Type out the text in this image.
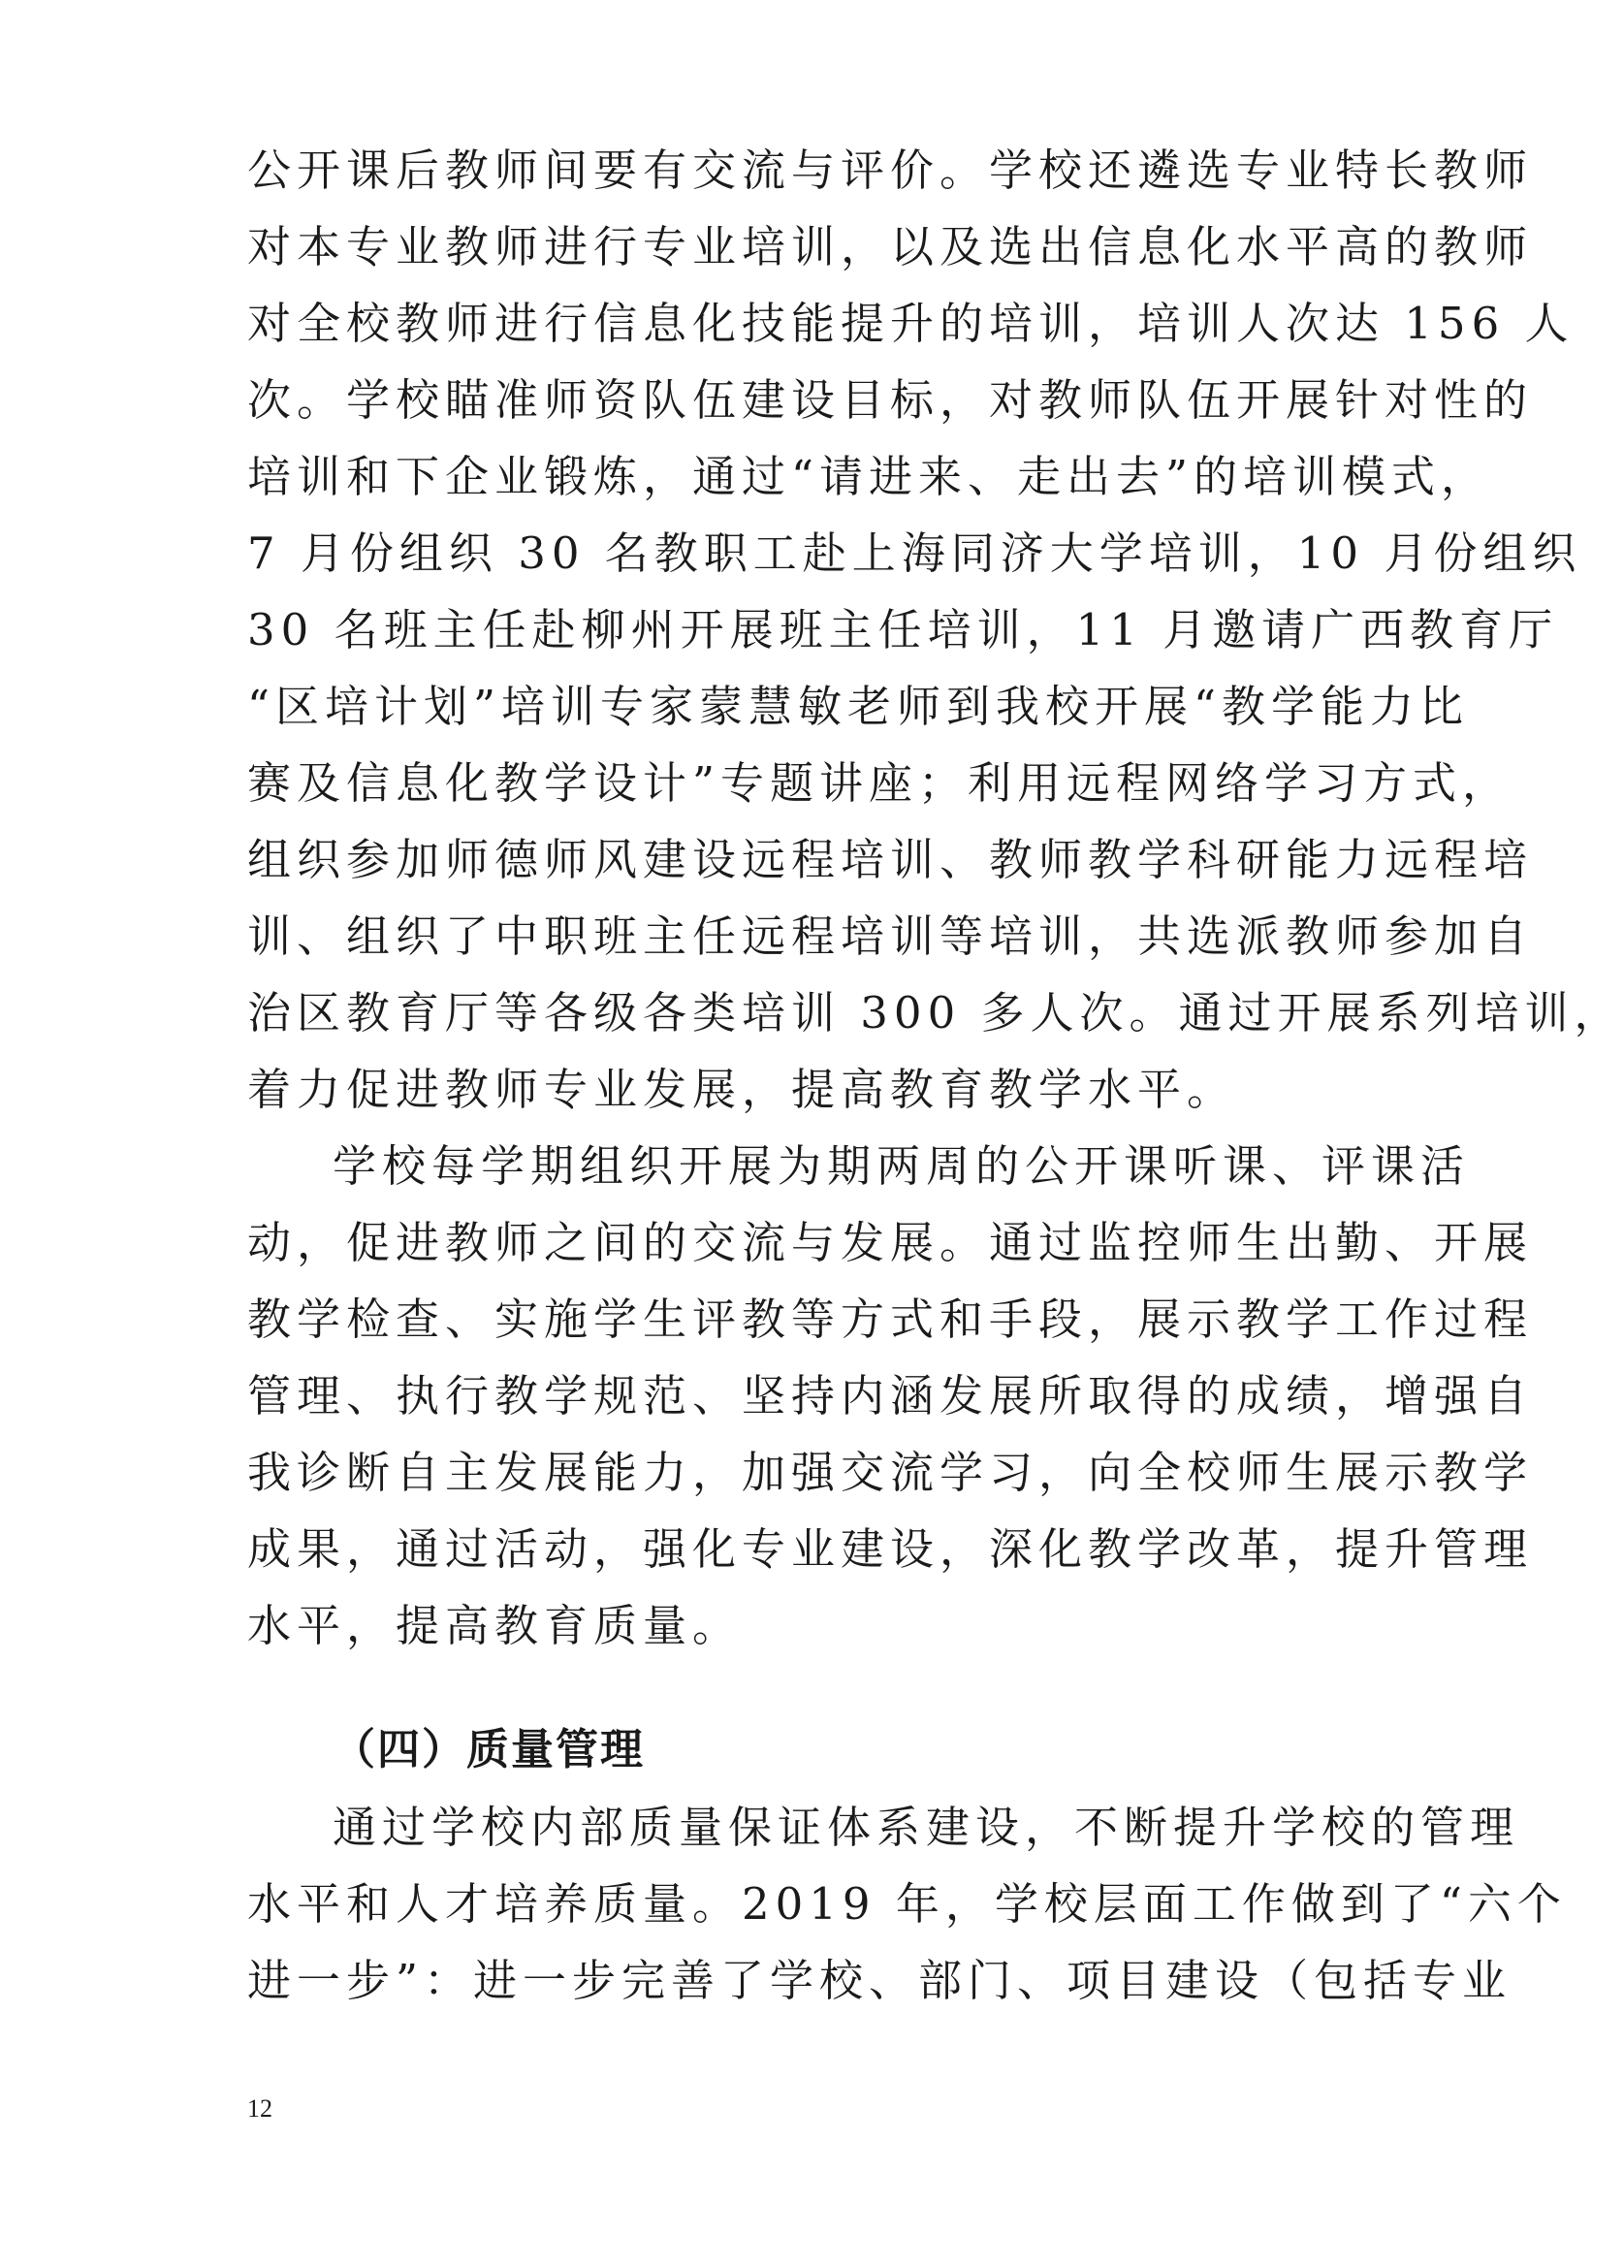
公开课后教师间要有交流与评价。学校还遴选专业特长教师
对本专业教师进行专业培训，以及选出信息化水平高的教师
对全校教师进行信息化技能提升的培训，培训人次达 156 人
次。学校瞄准师资队伍建设目标，对教师队伍开展针对性的
培训和下企业锻炼，通过“请进来、走出去”的培训模式，
7 月份组织 30 名教职工赴上海同济大学培训，10 月份组织
30 名班主任赴柳州开展班主任培训，11 月邀请广西教育厅
“区培计划”培训专家蒙慧敏老师到我校开展“教学能力比
赛及信息化教学设计”专题讲座；利用远程网络学习方式，
组织参加师德师风建设远程培训、教师教学科研能力远程培
训、组织了中职班主任远程培训等培训，共选派教师参加自
治区教育厅等各级各类培训 300 多人次。通过开展系列培训，
着力促进教师专业发展，提高教育教学水平。
学校每学期组织开展为期两周的公开课听课、评课活
动，促进教师之间的交流与发展。通过监控师生出勤、开展
教学检查、实施学生评教等方式和手段，展示教学工作过程
管理、执行教学规范、坚持内涵发展所取得的成绩，增强自
我诊断自主发展能力，加强交流学习，向全校师生展示教学
成果，通过活动，强化专业建设，深化教学改革，提升管理
水平，提高教育质量。
（四）质量管理
通过学校内部质量保证体系建设，不断提升学校的管理
水平和人才培养质量。2019 年，学校层面工作做到了“六个
进一步”：进一步完善了学校、部门、项目建设（包括专业
12
